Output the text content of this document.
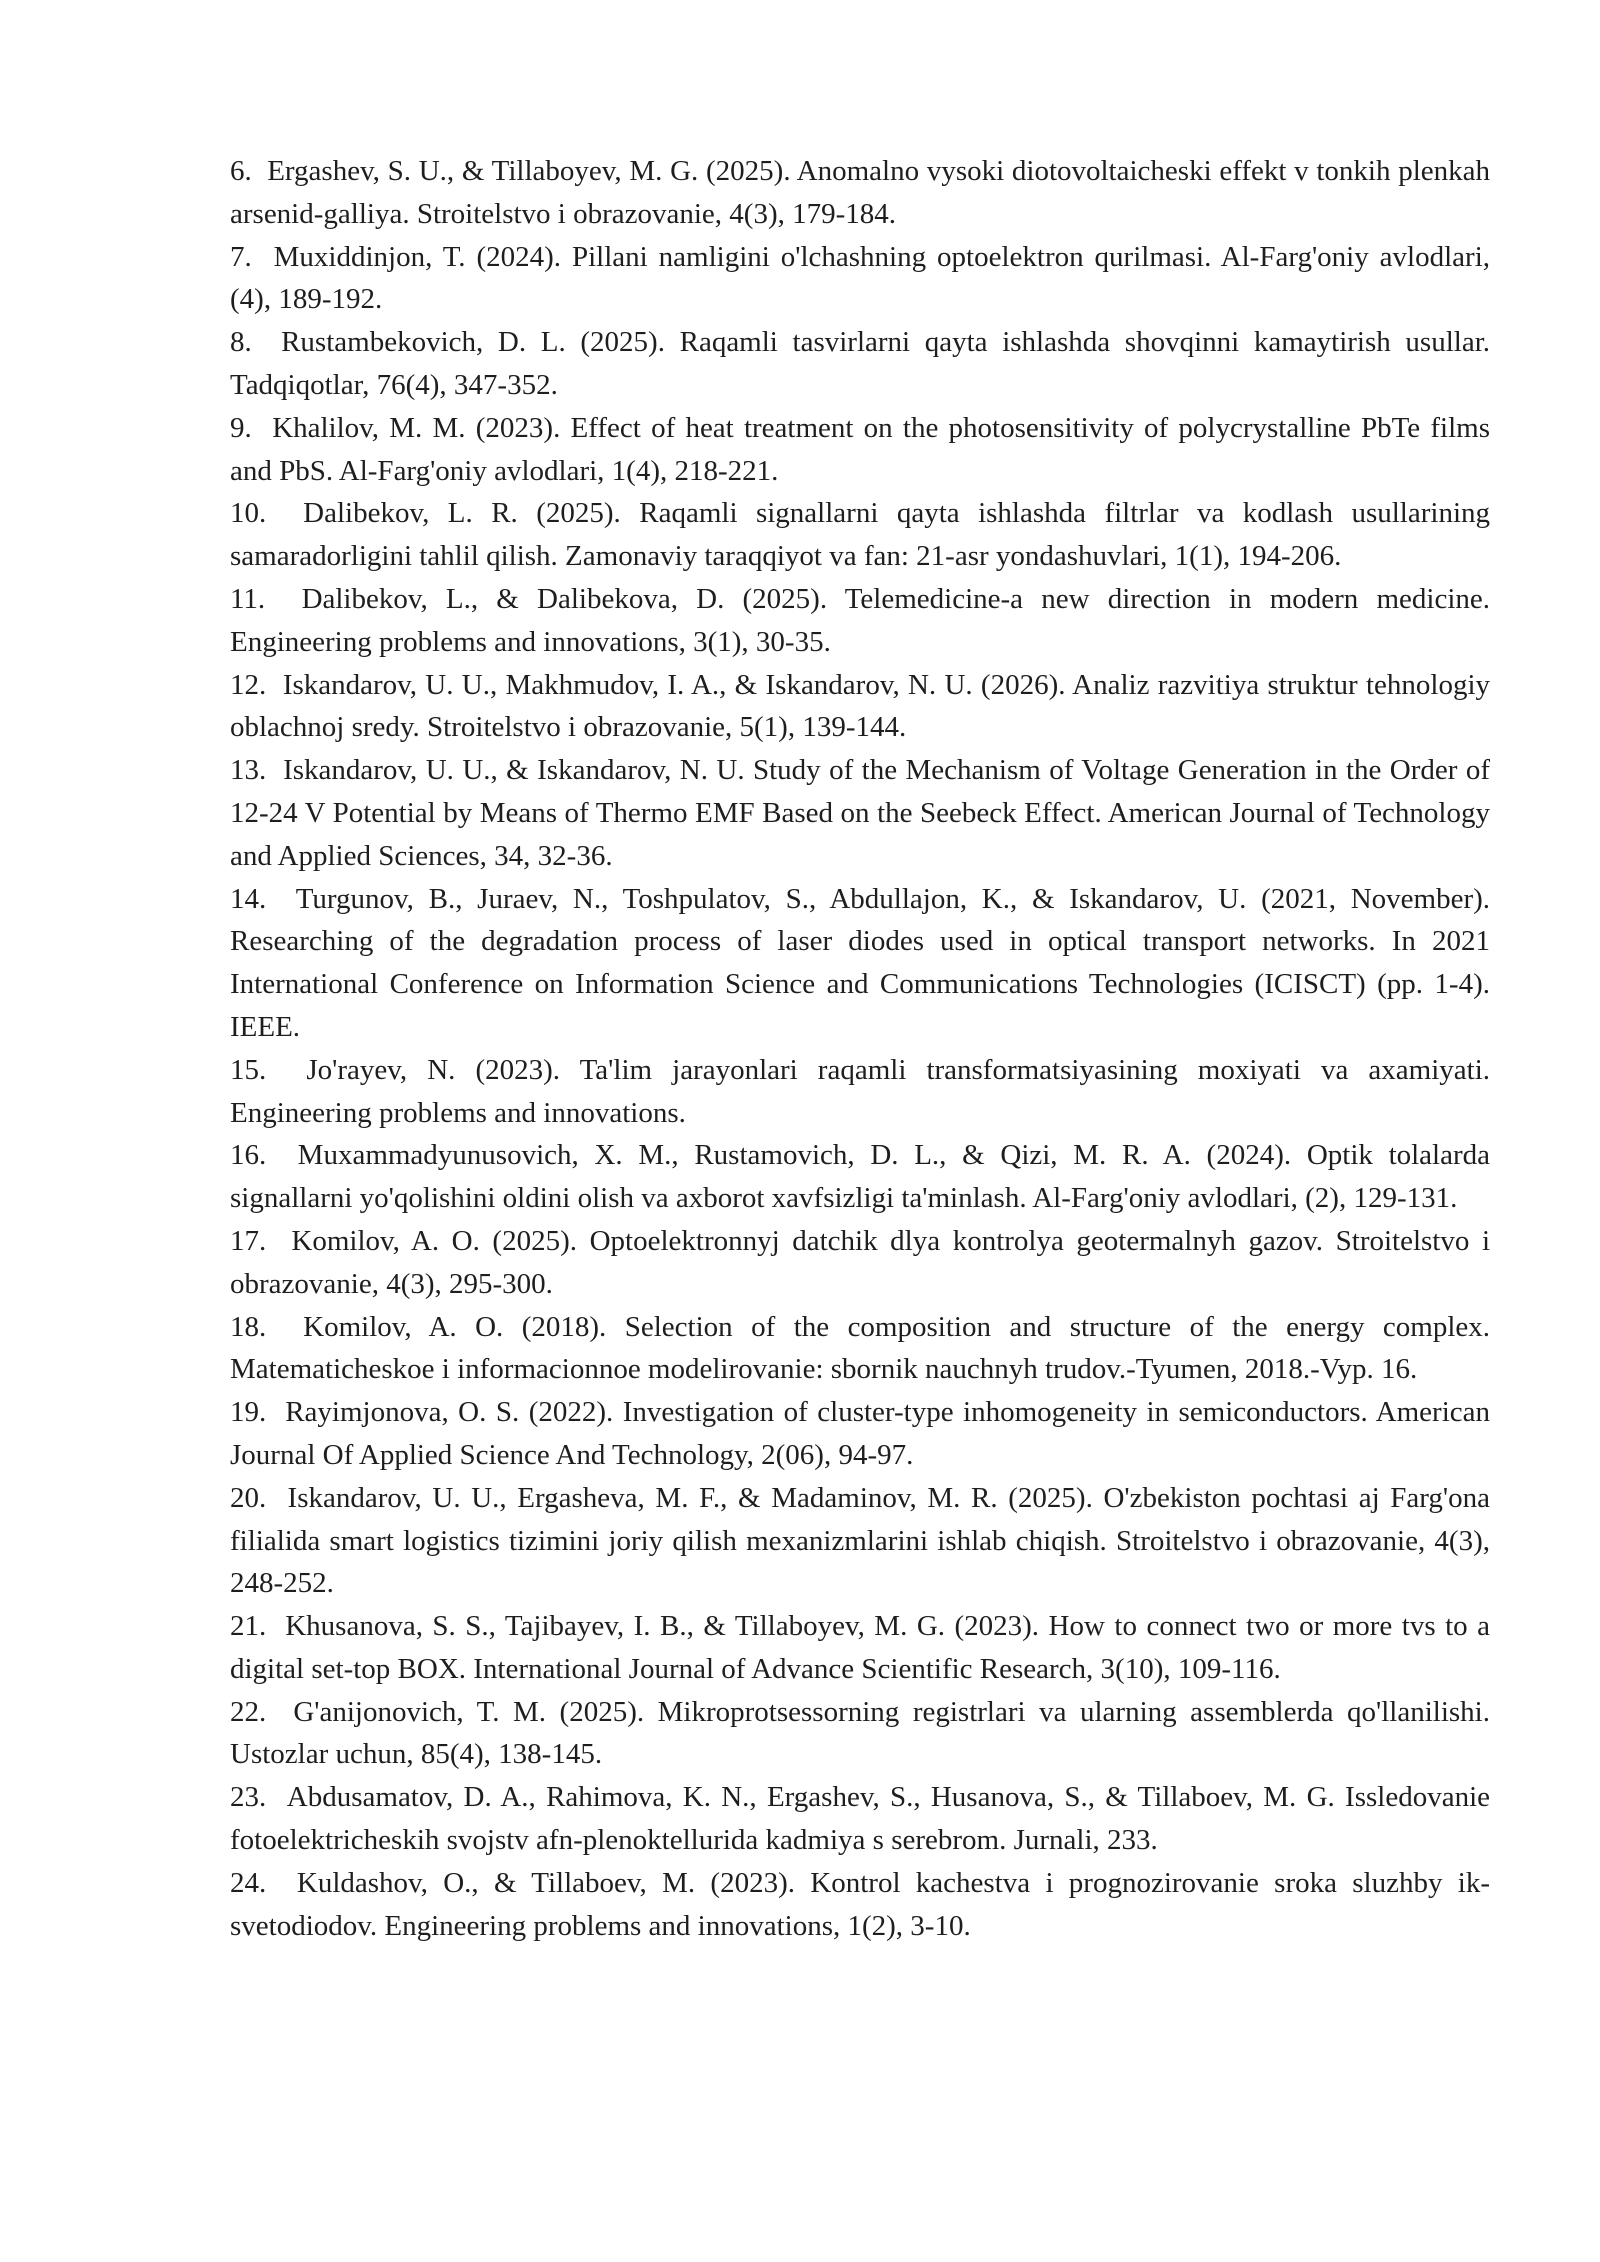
6. Ergashev, S. U., & Tillaboyev, M. G. (2025). Anomalno vysoki diotovoltaicheski effekt v tonkih plenkah arsenid-galliya. Stroitelstvo i obrazovanie, 4(3), 179-184.

7. Muxiddinjon, T. (2024). Pillani namligini o'lchashning optoelektron qurilmasi. Al-Farg'oniy avlodlari, (4), 189-192.

8. Rustambekovich, D. L. (2025). Raqamli tasvirlarni qayta ishlashda shovqinni kamaytirish usullar. Tadqiqotlar, 76(4), 347-352.

9. Khalilov, M. M. (2023). Effect of heat treatment on the photosensitivity of polycrystalline PbTe films and PbS. Al-Farg'oniy avlodlari, 1(4), 218-221.

10. Dalibekov, L. R. (2025). Raqamli signallarni qayta ishlashda filtrlar va kodlash usullarining samaradorligini tahlil qilish. Zamonaviy taraqqiyot va fan: 21-asr yondashuvlari, 1(1), 194-206.

11. Dalibekov, L., & Dalibekova, D. (2025). Telemedicine-a new direction in modern medicine. Engineering problems and innovations, 3(1), 30-35.

12. Iskandarov, U. U., Makhmudov, I. A., & Iskandarov, N. U. (2026). Analiz razvitiya struktur tehnologiy oblachnoj sredy. Stroitelstvo i obrazovanie, 5(1), 139-144.

13. Iskandarov, U. U., & Iskandarov, N. U. Study of the Mechanism of Voltage Generation in the Order of 12-24 V Potential by Means of Thermo EMF Based on the Seebeck Effect. American Journal of Technology and Applied Sciences, 34, 32-36.

14. Turgunov, B., Juraev, N., Toshpulatov, S., Abdullajon, K., & Iskandarov, U. (2021, November). Researching of the degradation process of laser diodes used in optical transport networks. In 2021 International Conference on Information Science and Communications Technologies (ICISCT) (pp. 1-4). IEEE.

15. Jo'rayev, N. (2023). Ta'lim jarayonlari raqamli transformatsiyasining moxiyati va axamiyati. Engineering problems and innovations.

16. Muxammadyunusovich, X. M., Rustamovich, D. L., & Qizi, M. R. A. (2024). Optik tolalarda signallarni yo'qolishini oldini olish va axborot xavfsizligi ta'minlash. Al-Farg'oniy avlodlari, (2), 129-131.

17. Komilov, A. O. (2025). Optoelektronnyj datchik dlya kontrolya geotermalnyh gazov. Stroitelstvo i obrazovanie, 4(3), 295-300.

18. Komilov, A. O. (2018). Selection of the composition and structure of the energy complex. Matematicheskoe i informacionnoe modelirovanie: sbornik nauchnyh trudov.-Tyumen, 2018.-Vyp. 16.

19. Rayimjonova, O. S. (2022). Investigation of cluster-type inhomogeneity in semiconductors. American Journal Of Applied Science And Technology, 2(06), 94-97.

20. Iskandarov, U. U., Ergasheva, M. F., & Madaminov, M. R. (2025). O'zbekiston pochtasi aj Farg'ona filialida smart logistics tizimini joriy qilish mexanizmlarini ishlab chiqish. Stroitelstvo i obrazovanie, 4(3), 248-252.

21. Khusanova, S. S., Tajibayev, I. B., & Tillaboyev, M. G. (2023). How to connect two or more tvs to a digital set-top BOX. International Journal of Advance Scientific Research, 3(10), 109-116.

22. G'anijonovich, T. M. (2025). Mikroprotsessorning registrlari va ularning assemblerda qo'llanilishi. Ustozlar uchun, 85(4), 138-145.

23. Abdusamatov, D. A., Rahimova, K. N., Ergashev, S., Husanova, S., & Tillaboev, M. G. Issledovanie fotoelektricheskih svojstv afn-plenoktellurida kadmiya s serebrom. Jurnali, 233.

24. Kuldashov, O., & Tillaboev, M. (2023). Kontrol kachestva i prognozirovanie sroka sluzhby ik-svetodiodov. Engineering problems and innovations, 1(2), 3-10.
